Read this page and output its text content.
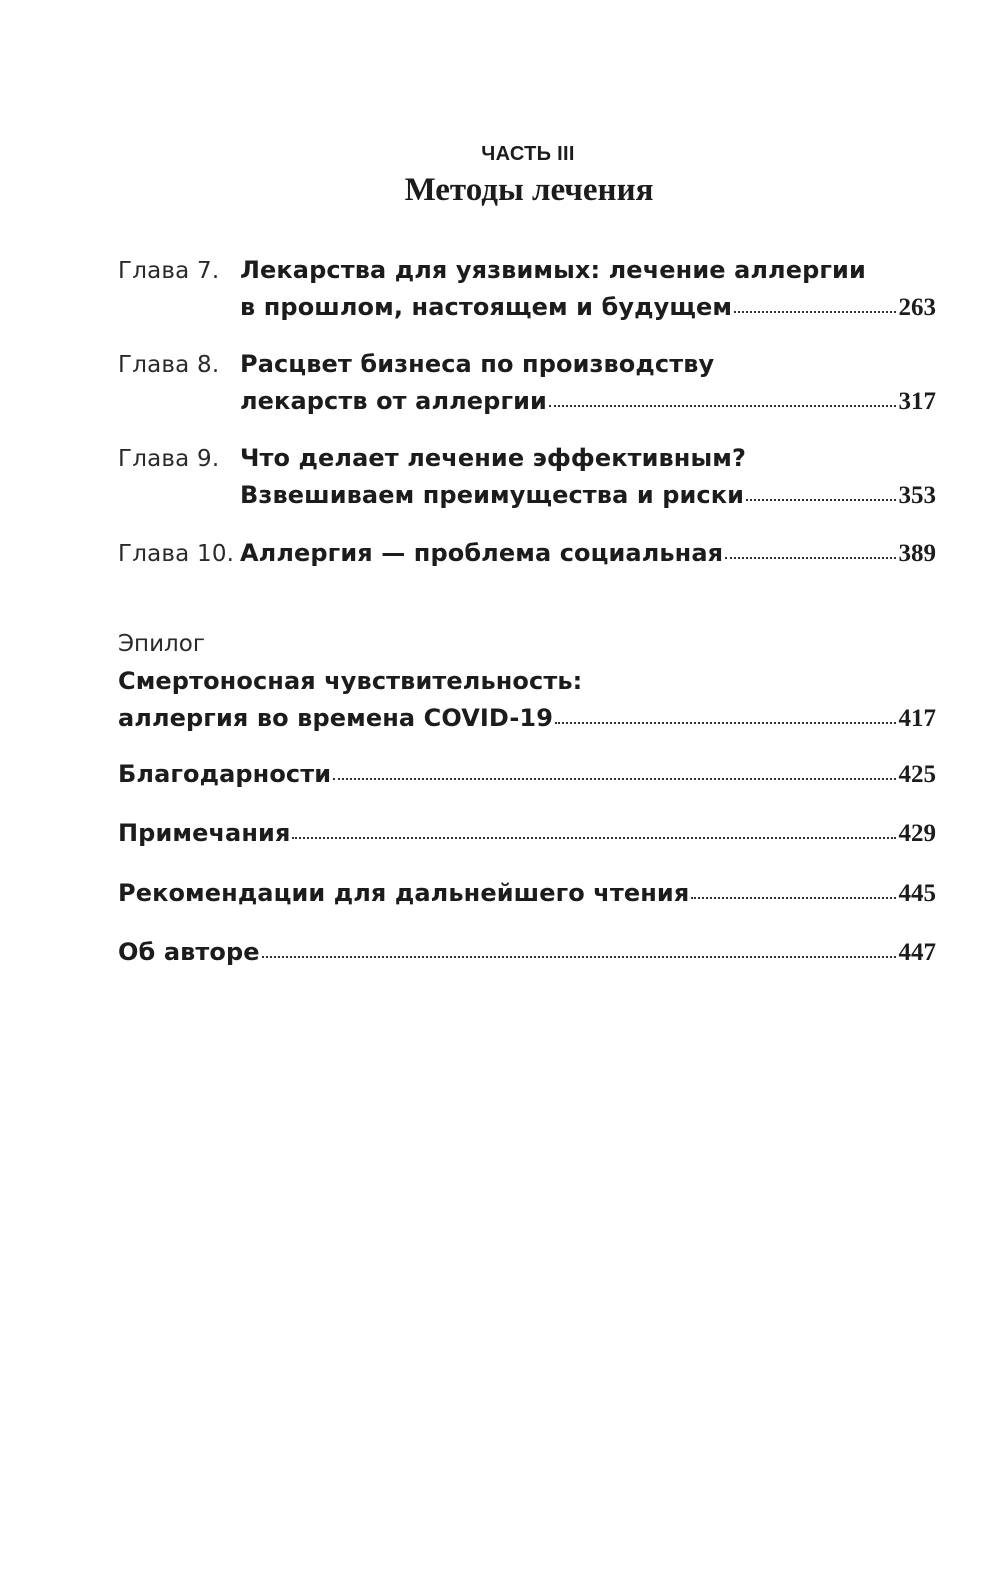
ЧАСТЬ III
Методы лечения
Глава 7. Лекарства для уязвимых: лечение аллергии
в прошлом, настоящем и будущем	263
Глава 8. Расцвет бизнеса по производству
лекарств от аллергии	317
Глава 9. Что делает лечение эффективным?
Взвешиваем преимущества и риски	353
Глава 10. Аллергия — проблема социальная	389
Эпилог
Смертоносная чувствительность:
аллергия во времена COVID-19	417
Благодарности	425
Примечания	429
Рекомендации для дальнейшего чтения	445
Об авторе	447
